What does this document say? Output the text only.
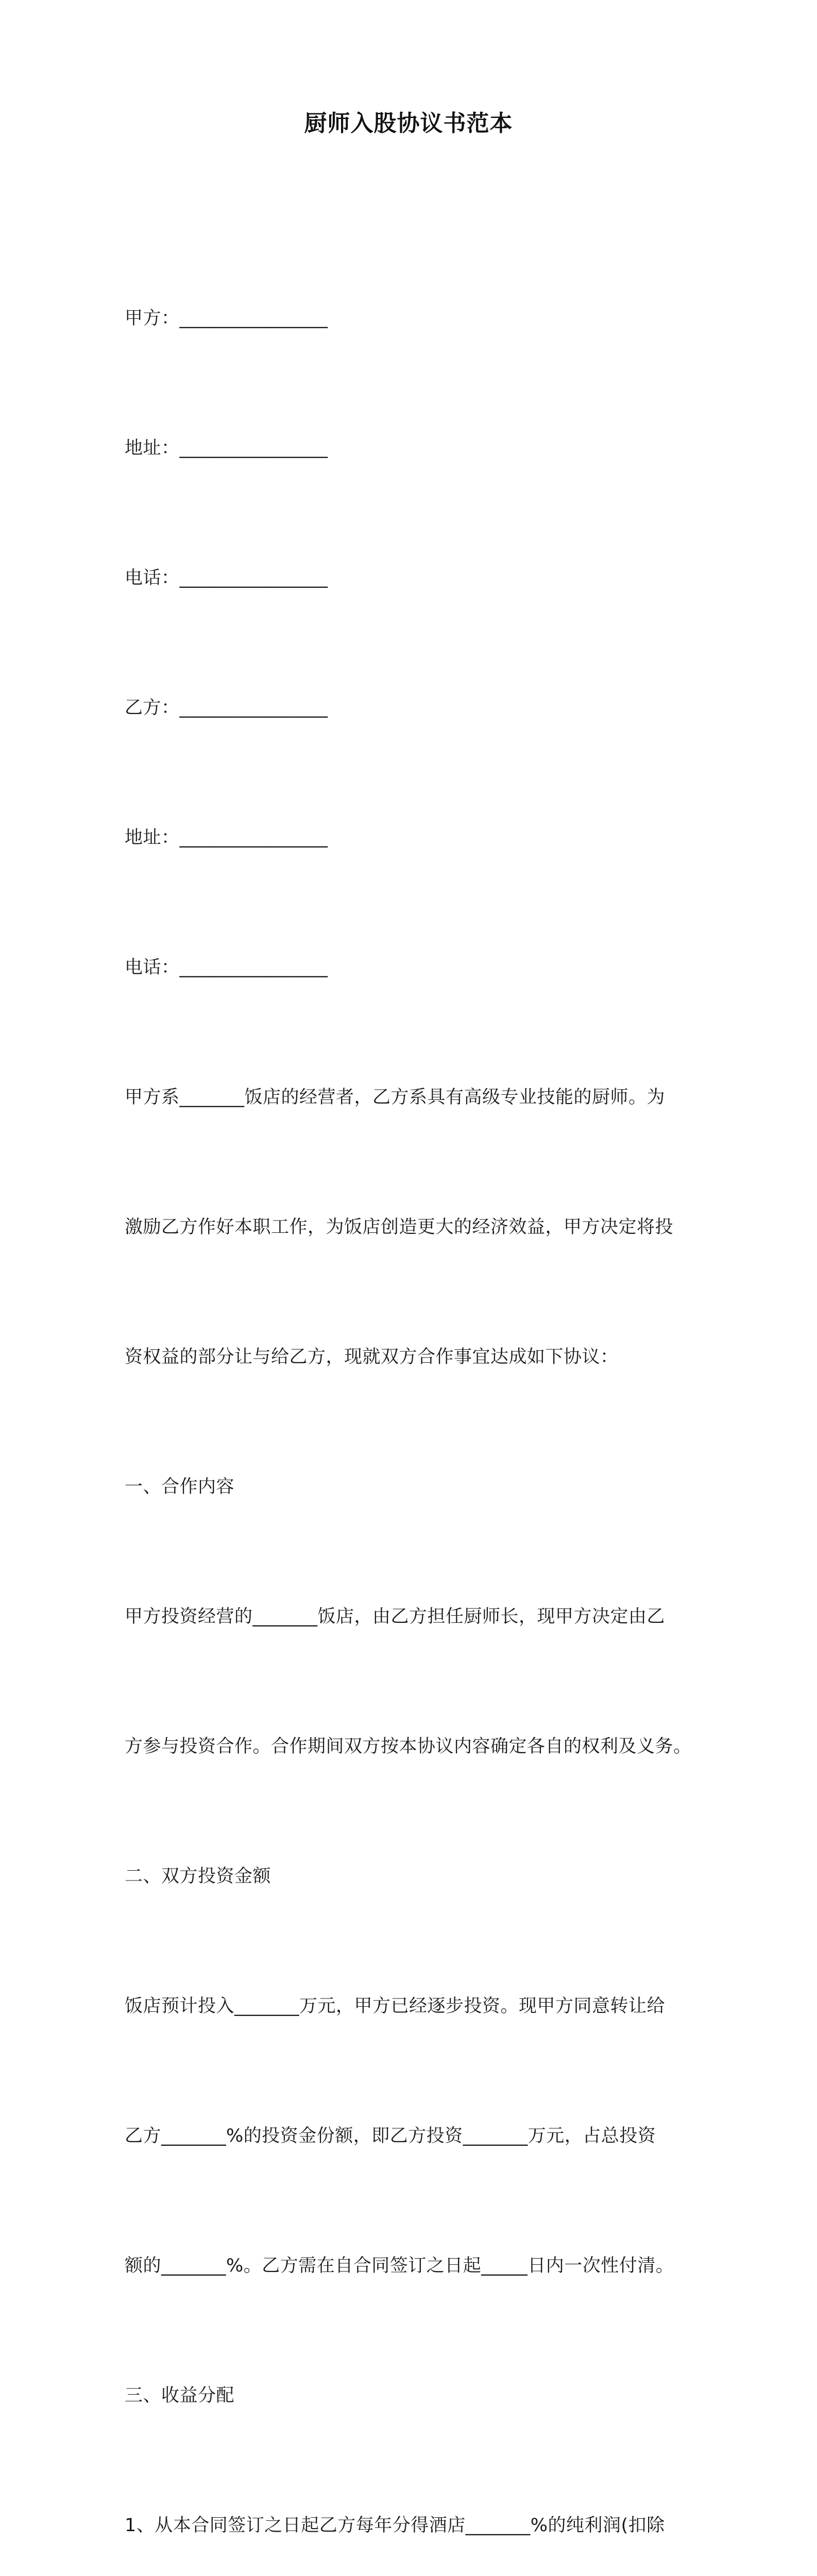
厨师入股协议书范本

甲方：________________

地址：________________

电话：________________

乙方：________________

地址：________________

电话：________________

甲方系_______饭店的经营者，乙方系具有高级专业技能的厨师。为

激励乙方作好本职工作，为饭店创造更大的经济效益，甲方决定将投

资权益的部分让与给乙方，现就双方合作事宜达成如下协议：

一、合作内容

甲方投资经营的_______饭店，由乙方担任厨师长，现甲方决定由乙

方参与投资合作。合作期间双方按本协议内容确定各自的权利及义务。

二、双方投资金额

饭店预计投入_______万元，甲方已经逐步投资。现甲方同意转让给

乙方_______%的投资金份额，即乙方投资_______万元，占总投资

额的_______%。乙方需在自合同签订之日起_____日内一次性付清。

三、收益分配

1、从本合同签订之日起乙方每年分得酒店_______%的纯利润(扣除
